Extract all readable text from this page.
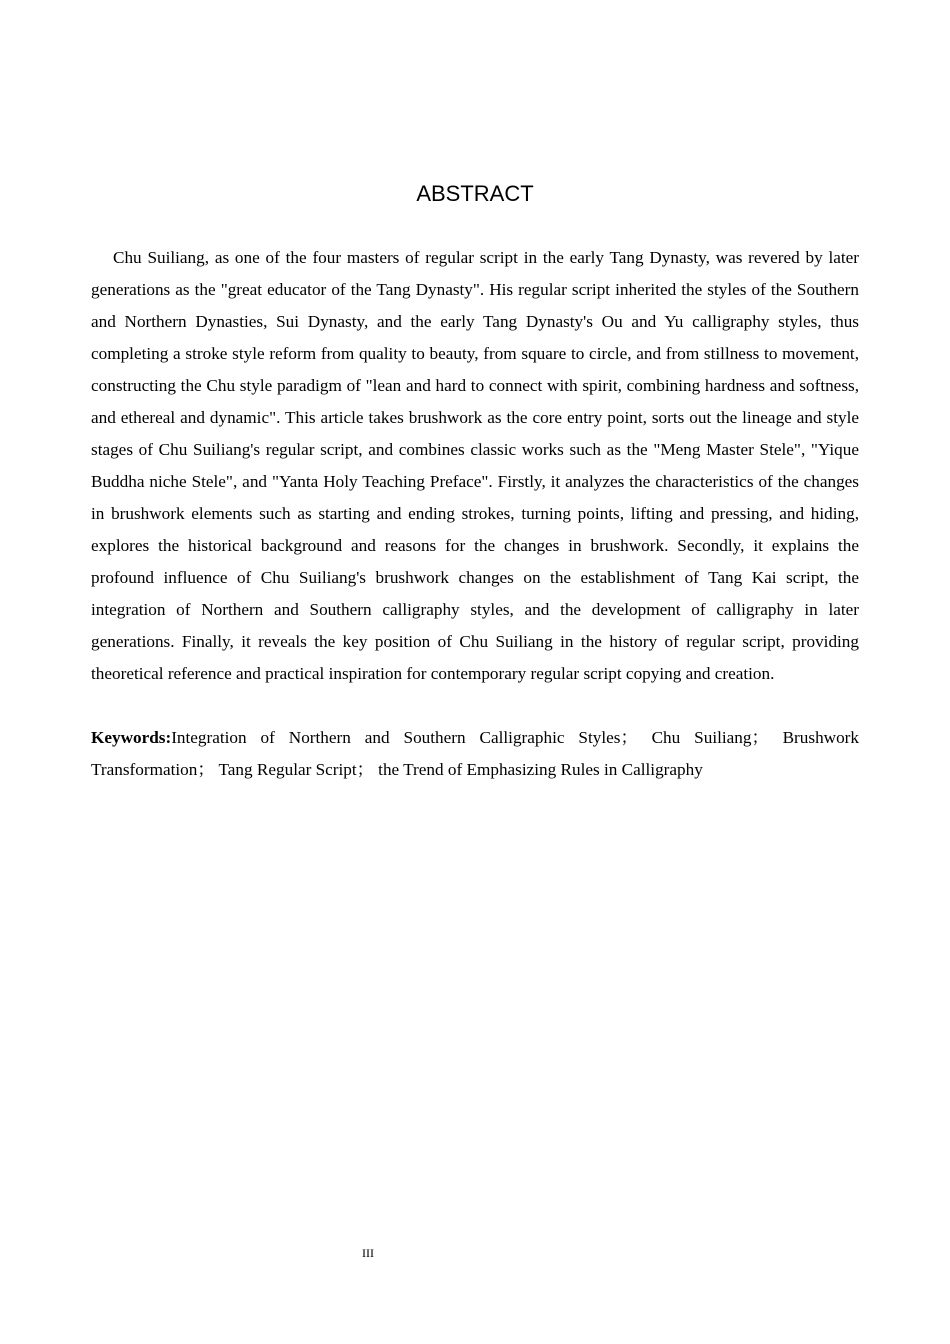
ABSTRACT

Chu Suiliang, as one of the four masters of regular script in the early Tang Dynasty, was revered by later generations as the "great educator of the Tang Dynasty". His regular script inherited the styles of the Southern and Northern Dynasties, Sui Dynasty, and the early Tang Dynasty's Ou and Yu calligraphy styles, thus completing a stroke style reform from quality to beauty, from square to circle, and from stillness to movement, constructing the Chu style paradigm of "lean and hard to connect with spirit, combining hardness and softness, and ethereal and dynamic". This article takes brushwork as the core entry point, sorts out the lineage and style stages of Chu Suiliang's regular script, and combines classic works such as the "Meng Master Stele", "Yique Buddha niche Stele", and "Yanta Holy Teaching Preface". Firstly, it analyzes the characteristics of the changes in brushwork elements such as starting and ending strokes, turning points, lifting and pressing, and hiding, explores the historical background and reasons for the changes in brushwork. Secondly, it explains the profound influence of Chu Suiliang's brushwork changes on the establishment of Tang Kai script, the integration of Northern and Southern calligraphy styles, and the development of calligraphy in later generations. Finally, it reveals the key position of Chu Suiliang in the history of regular script, providing theoretical reference and practical inspiration for contemporary regular script copying and creation.

Keywords:Integration of Northern and Southern Calligraphic Styles； Chu Suiliang； Brushwork Transformation； Tang Regular Script； the Trend of Emphasizing Rules in Calligraphy

III
